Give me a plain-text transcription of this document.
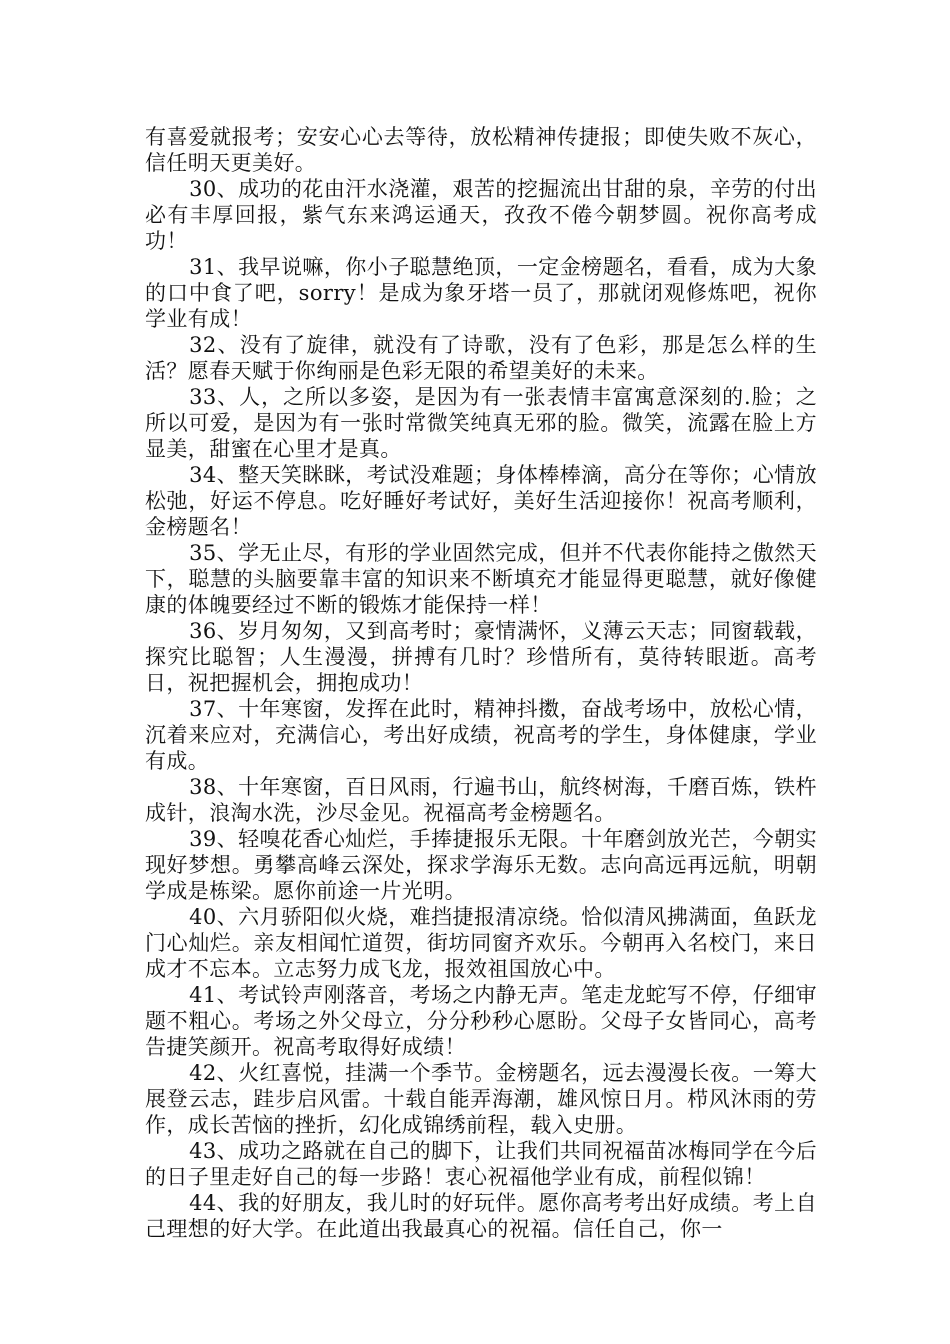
有喜爱就报考；安安心心去等待，放松精神传捷报；即使失败不灰心，信任明天更美好。

30、成功的花由汗水浇灌，艰苦的挖掘流出甘甜的泉，辛劳的付出必有丰厚回报，紫气东来鸿运通天，孜孜不倦今朝梦圆。祝你高考成功！

31、我早说嘛，你小子聪慧绝顶，一定金榜题名，看看，成为大象的口中食了吧，sorry！是成为象牙塔一员了，那就闭观修炼吧，祝你学业有成！

32、没有了旋律，就没有了诗歌，没有了色彩，那是怎么样的生活？愿春天赋于你绚丽是色彩无限的希望美好的未来。

33、人，之所以多姿，是因为有一张表情丰富寓意深刻的.脸；之所以可爱，是因为有一张时常微笑纯真无邪的脸。微笑，流露在脸上方显美，甜蜜在心里才是真。

34、整天笑眯眯，考试没难题；身体棒棒滴，高分在等你；心情放松弛，好运不停息。吃好睡好考试好，美好生活迎接你！祝高考顺利，金榜题名！

35、学无止尽，有形的学业固然完成，但并不代表你能持之傲然天下，聪慧的头脑要靠丰富的知识来不断填充才能显得更聪慧，就好像健康的体魄要经过不断的锻炼才能保持一样！

36、岁月匆匆，又到高考时；豪情满怀，义薄云天志；同窗载载，探究比聪智；人生漫漫，拼搏有几时？珍惜所有，莫待转眼逝。高考日，祝把握机会，拥抱成功！

37、十年寒窗，发挥在此时，精神抖擞，奋战考场中，放松心情，沉着来应对，充满信心，考出好成绩，祝高考的学生，身体健康，学业有成。

38、十年寒窗，百日风雨，行遍书山，航终树海，千磨百炼，铁杵成针，浪淘水洗，沙尽金见。祝福高考金榜题名。

39、轻嗅花香心灿烂，手捧捷报乐无限。十年磨剑放光芒，今朝实现好梦想。勇攀高峰云深处，探求学海乐无数。志向高远再远航，明朝学成是栋梁。愿你前途一片光明。

40、六月骄阳似火烧，难挡捷报清凉绕。恰似清风拂满面，鱼跃龙门心灿烂。亲友相闻忙道贺，街坊同窗齐欢乐。今朝再入名校门，来日成才不忘本。立志努力成飞龙，报效祖国放心中。

41、考试铃声刚落音，考场之内静无声。笔走龙蛇写不停，仔细审题不粗心。考场之外父母立，分分秒秒心愿盼。父母子女皆同心，高考告捷笑颜开。祝高考取得好成绩！

42、火红喜悦，挂满一个季节。金榜题名，远去漫漫长夜。一筹大展登云志，跬步启风雷。十载自能弄海潮，雄风惊日月。栉风沐雨的劳作，成长苦恼的挫折，幻化成锦绣前程，载入史册。

43、成功之路就在自己的脚下，让我们共同祝福苗冰梅同学在今后的日子里走好自己的每一步路！衷心祝福他学业有成，前程似锦！

44、我的好朋友，我儿时的好玩伴。愿你高考考出好成绩。考上自己理想的好大学。在此道出我最真心的祝福。信任自己，你一
